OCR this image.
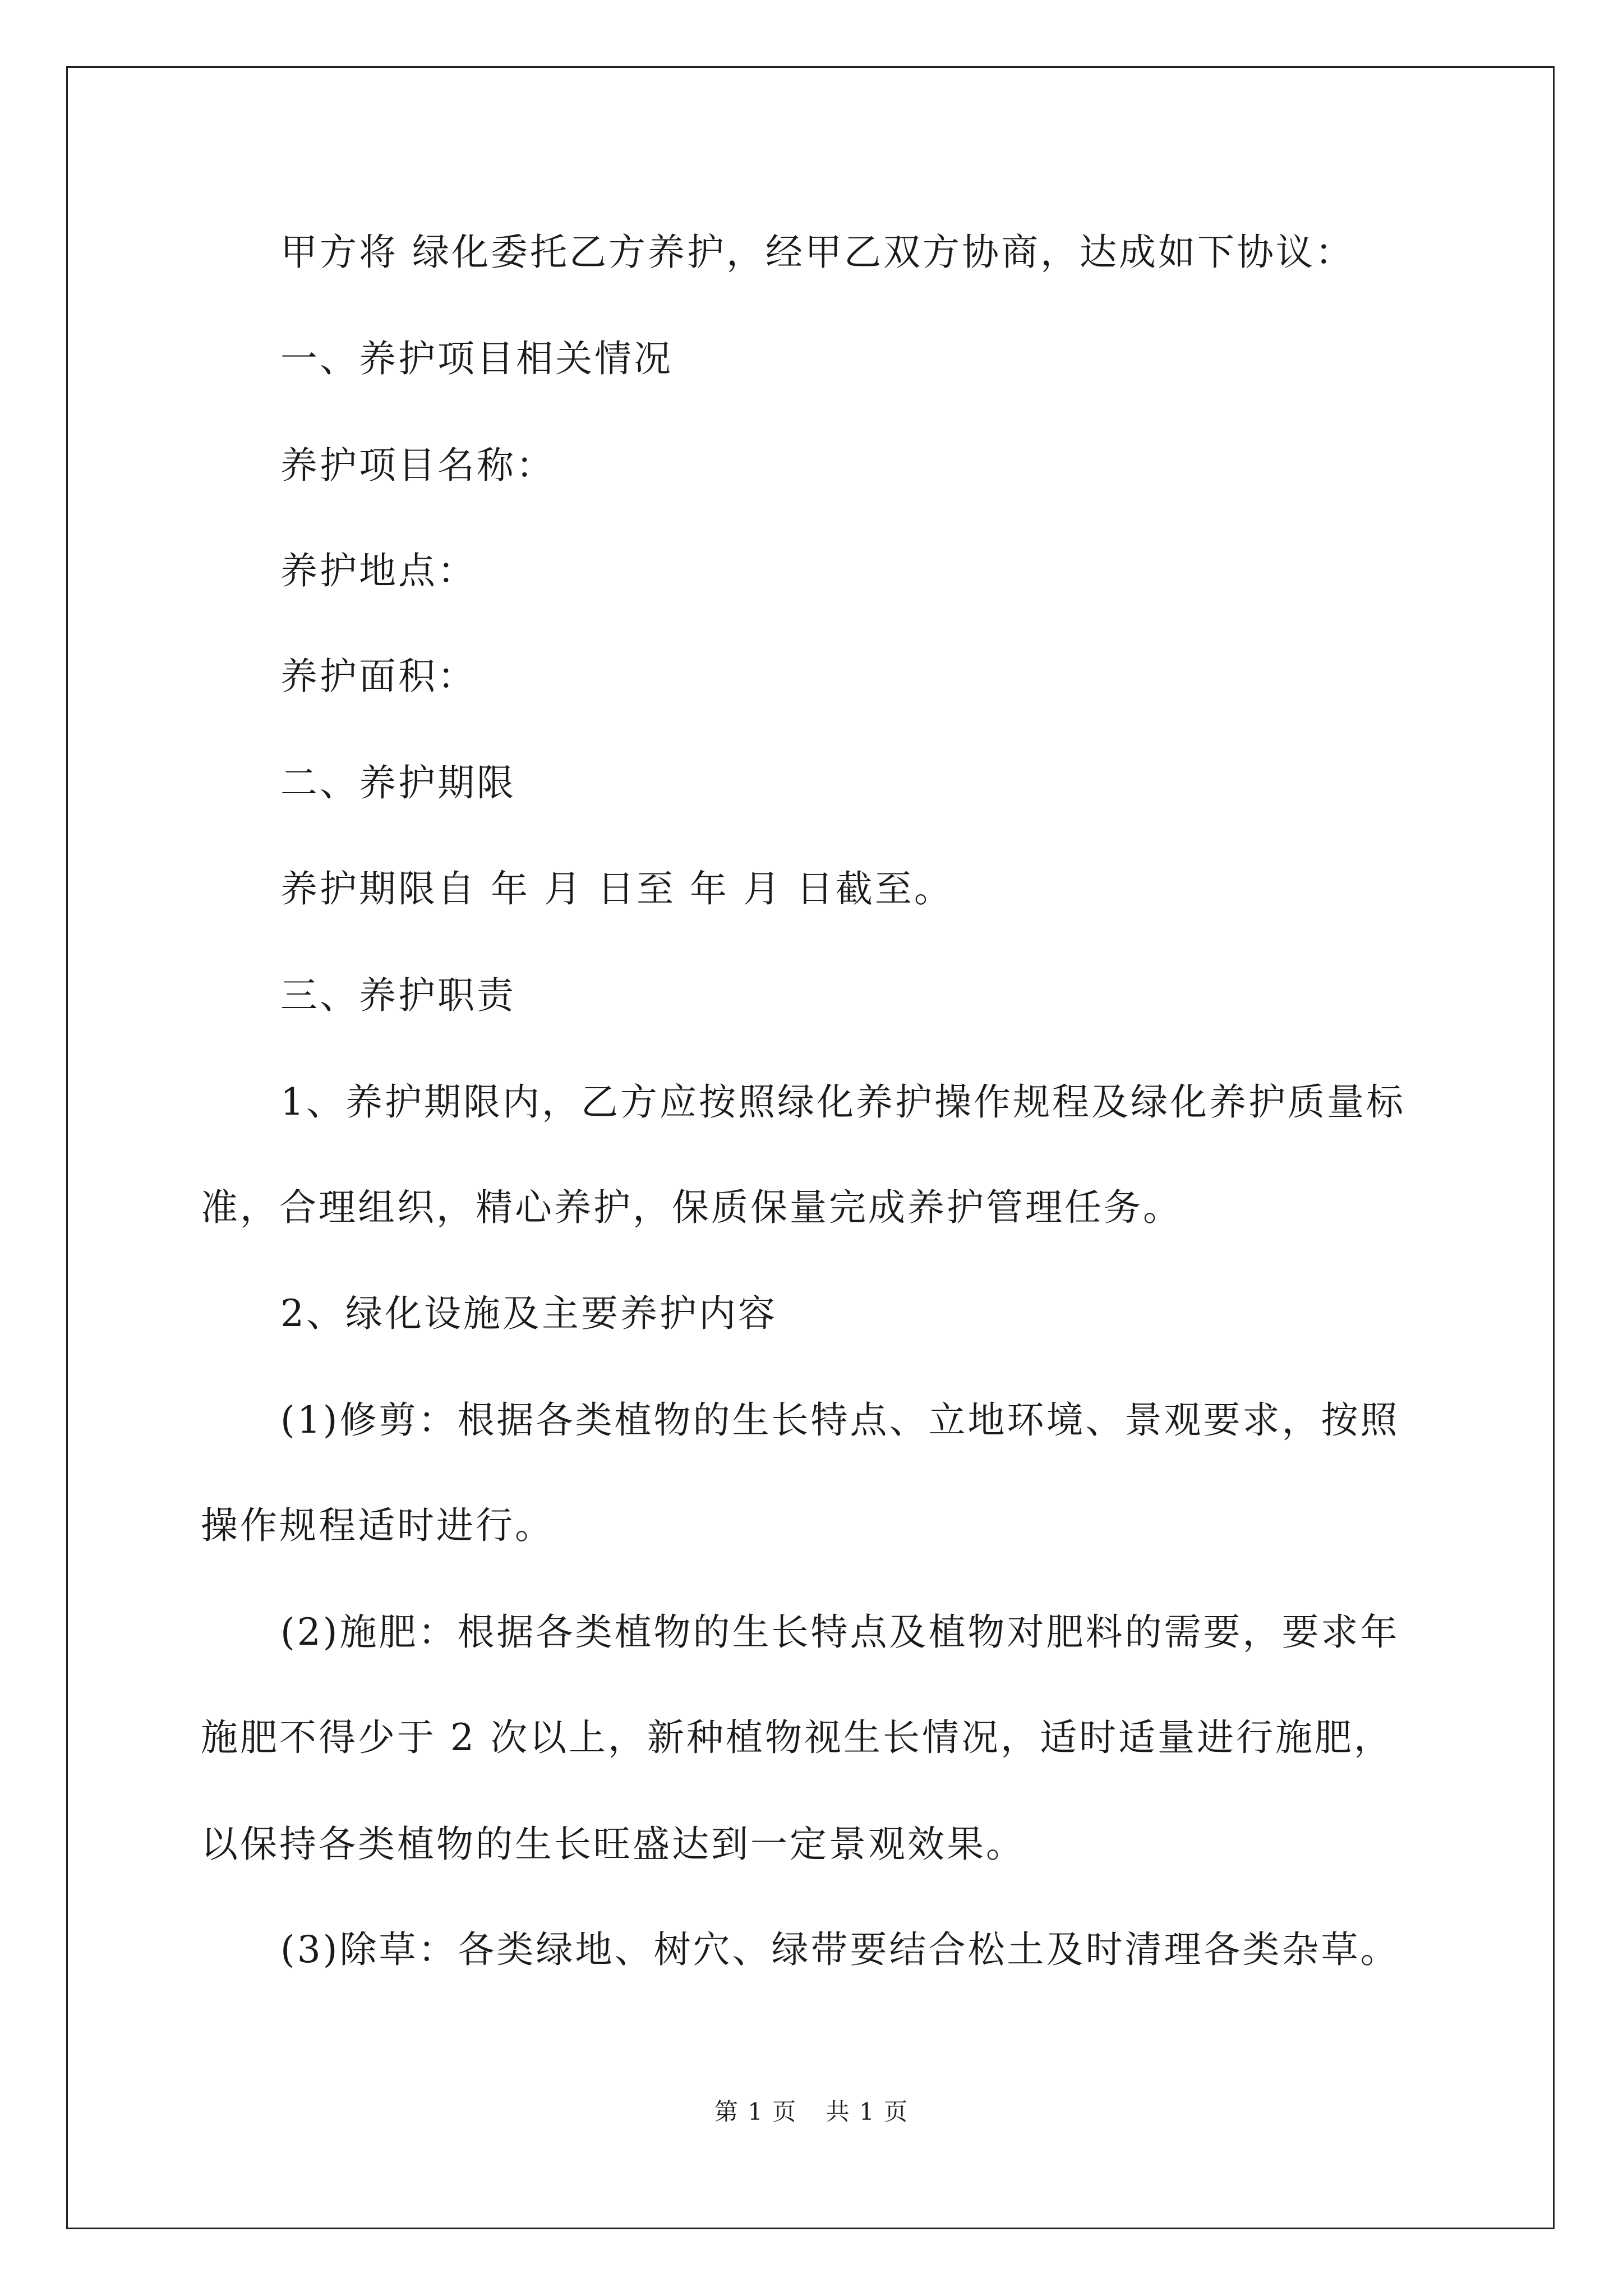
甲方将 绿化委托乙方养护，经甲乙双方协商，达成如下协议：
一、养护项目相关情况
养护项目名称：
养护地点：
养护面积：
二、养护期限
养护期限自 年 月 日至 年 月 日截至。
三、养护职责
1、养护期限内，乙方应按照绿化养护操作规程及绿化养护质量标
准，合理组织，精心养护，保质保量完成养护管理任务。
2、绿化设施及主要养护内容
(1)修剪：根据各类植物的生长特点、立地环境、景观要求，按照
操作规程适时进行。
(2)施肥：根据各类植物的生长特点及植物对肥料的需要，要求年
施肥不得少于 2 次以上，新种植物视生长情况，适时适量进行施肥，
以保持各类植物的生长旺盛达到一定景观效果。
(3)除草：各类绿地、树穴、绿带要结合松土及时清理各类杂草。
第 1 页 共 1 页
